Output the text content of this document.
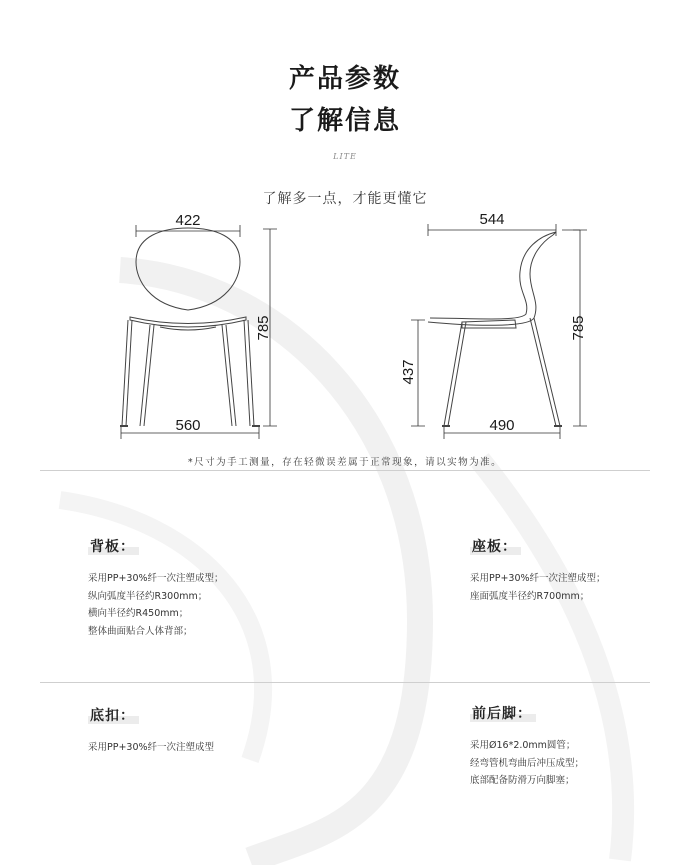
产品参数
了解信息
LITE
了解多一点，才能更懂它
422
560
785
544
490
785
437
*尺寸为手工测量，存在轻微误差属于正常现象，请以实物为准。
背板：
采用PP+30%纤一次注塑成型；
纵向弧度半径约R300mm；
横向半径约R450mm；
整体曲面贴合人体背部；
座板：
采用PP+30%纤一次注塑成型；
座面弧度半径约R700mm；
底扣：
采用PP+30%纤一次注塑成型
前后脚：
采用Ø16*2.0mm圆管；
经弯管机弯曲后冲压成型；
底部配备防滑万向脚塞；
